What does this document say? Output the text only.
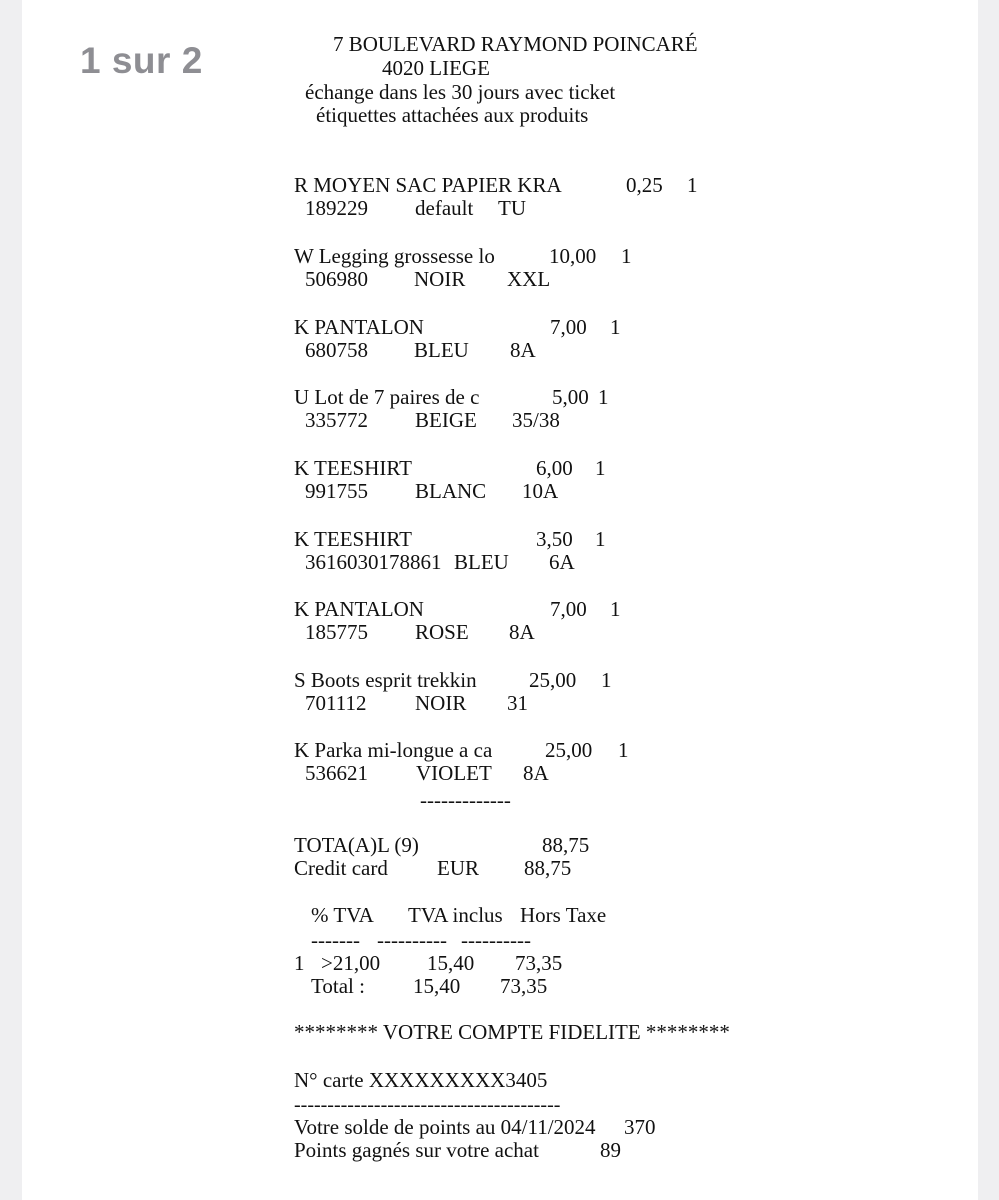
1 sur 2	7 BOULEVARD RAYMOND POINCARÉ
4020 LIEGE
échange dans les 30 jours avec ticket
étiquettes attachées aux produits
R MOYEN SAC PAPIER KRA	0,25 1
189229 default TU
W Legging grossesse lo	10,00 1
506980 NOIR XXL
K PANTALON	7,00 1
680758 BLEU 8A
U Lot de 7 paires de c	5,00 1
335772 BEIGE 35/38
K TEESHIRT	6,00 1
991755 BLANC 10A
K TEESHIRT	3,50 1
3616030178861 BLEU 6A
K PANTALON	7,00 1
185775 ROSE 8A
S Boots esprit trekkin 25,00 1
701112 NOIR 31
K Parka mi-longue a ca	25,00 1
536621 VIOLET 8A
-------------
TOTA(A)L (9)	88,75
Credit card EUR 88,75
% TVA TVA inclus Hors Taxe
------- ---------- ----------
1 >21,00 15,40 73,35
Total : 15,40 73,35
******** VOTRE COMPTE FIDELITE ********
N° carte XXXXXXXXX3405
----------------------------------------
Votre solde de points au 04/11/2024 370
Points gagnés sur votre achat	89
